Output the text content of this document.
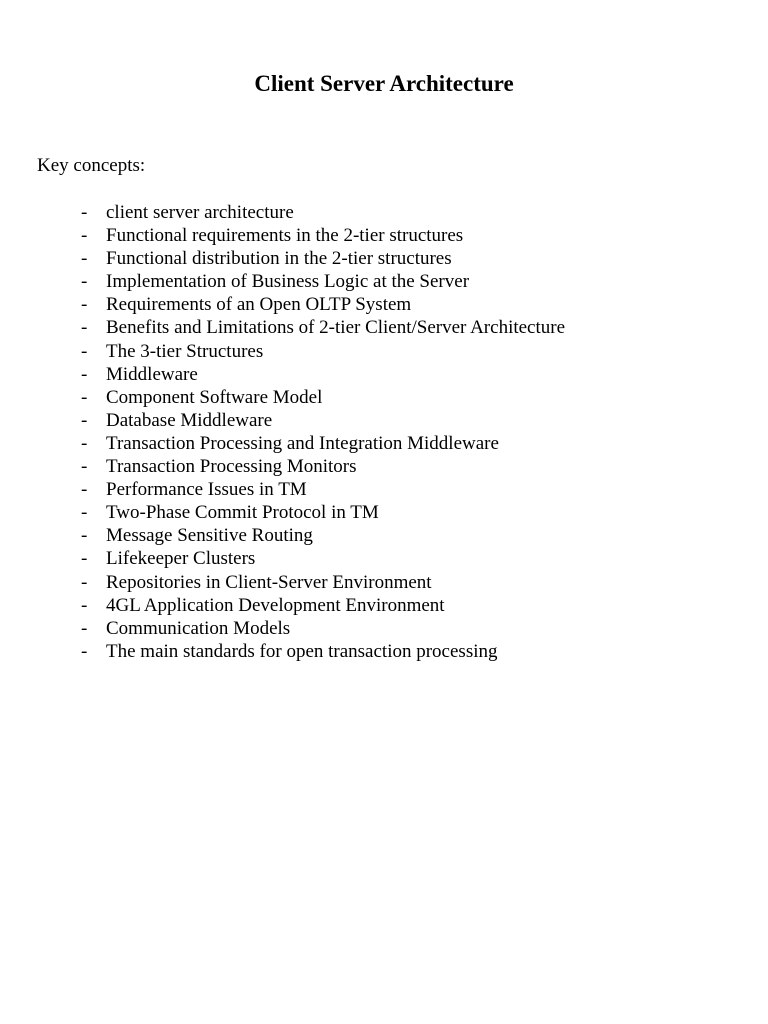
Client Server Architecture

Key concepts:

- client server architecture
- Functional requirements in the 2-tier structures
- Functional distribution in the 2-tier structures
- Implementation of Business Logic at the Server
- Requirements of an Open OLTP System
- Benefits and Limitations of 2-tier Client/Server Architecture
- The 3-tier Structures
- Middleware
- Component Software Model
- Database Middleware
- Transaction Processing and Integration Middleware
- Transaction Processing Monitors
- Performance Issues in TM
- Two-Phase Commit Protocol in TM
- Message Sensitive Routing
- Lifekeeper Clusters
- Repositories in Client-Server Environment
- 4GL Application Development Environment
- Communication Models
- The main standards for open transaction processing
